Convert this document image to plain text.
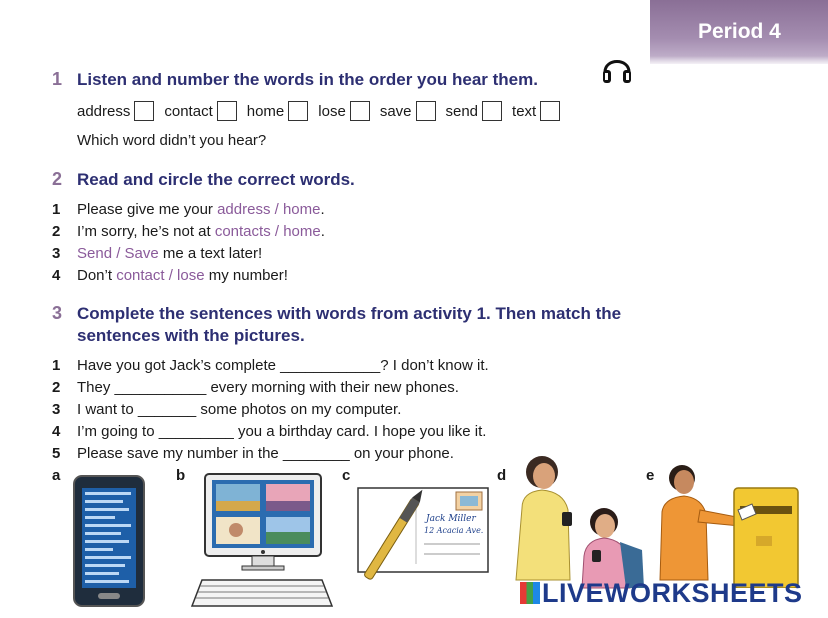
Period 4
1 Listen and number the words in the order you hear them.
address contact home lose save send text
Which word didn’t you hear?
2 Read and circle the correct words.
1 Please give me your address / home.
2 I’m sorry, he’s not at contacts / home.
3 Send / Save me a text later!
4 Don’t contact / lose my number!
3 Complete the sentences with words from activity 1. Then match the
sentences with the pictures.
1 Have you got Jack’s complete ____________? I don’t know it.
2 They ___________ every morning with their new phones.
3 I want to _______ some photos on my computer.
4 I’m going to _________ you a birthday card. I hope you like it.
5 Please save my number in the ________ on your phone.
a	b	c	d	e
Jack Miller
12 Acacia Ave.
LIVEWORKSHEETS
